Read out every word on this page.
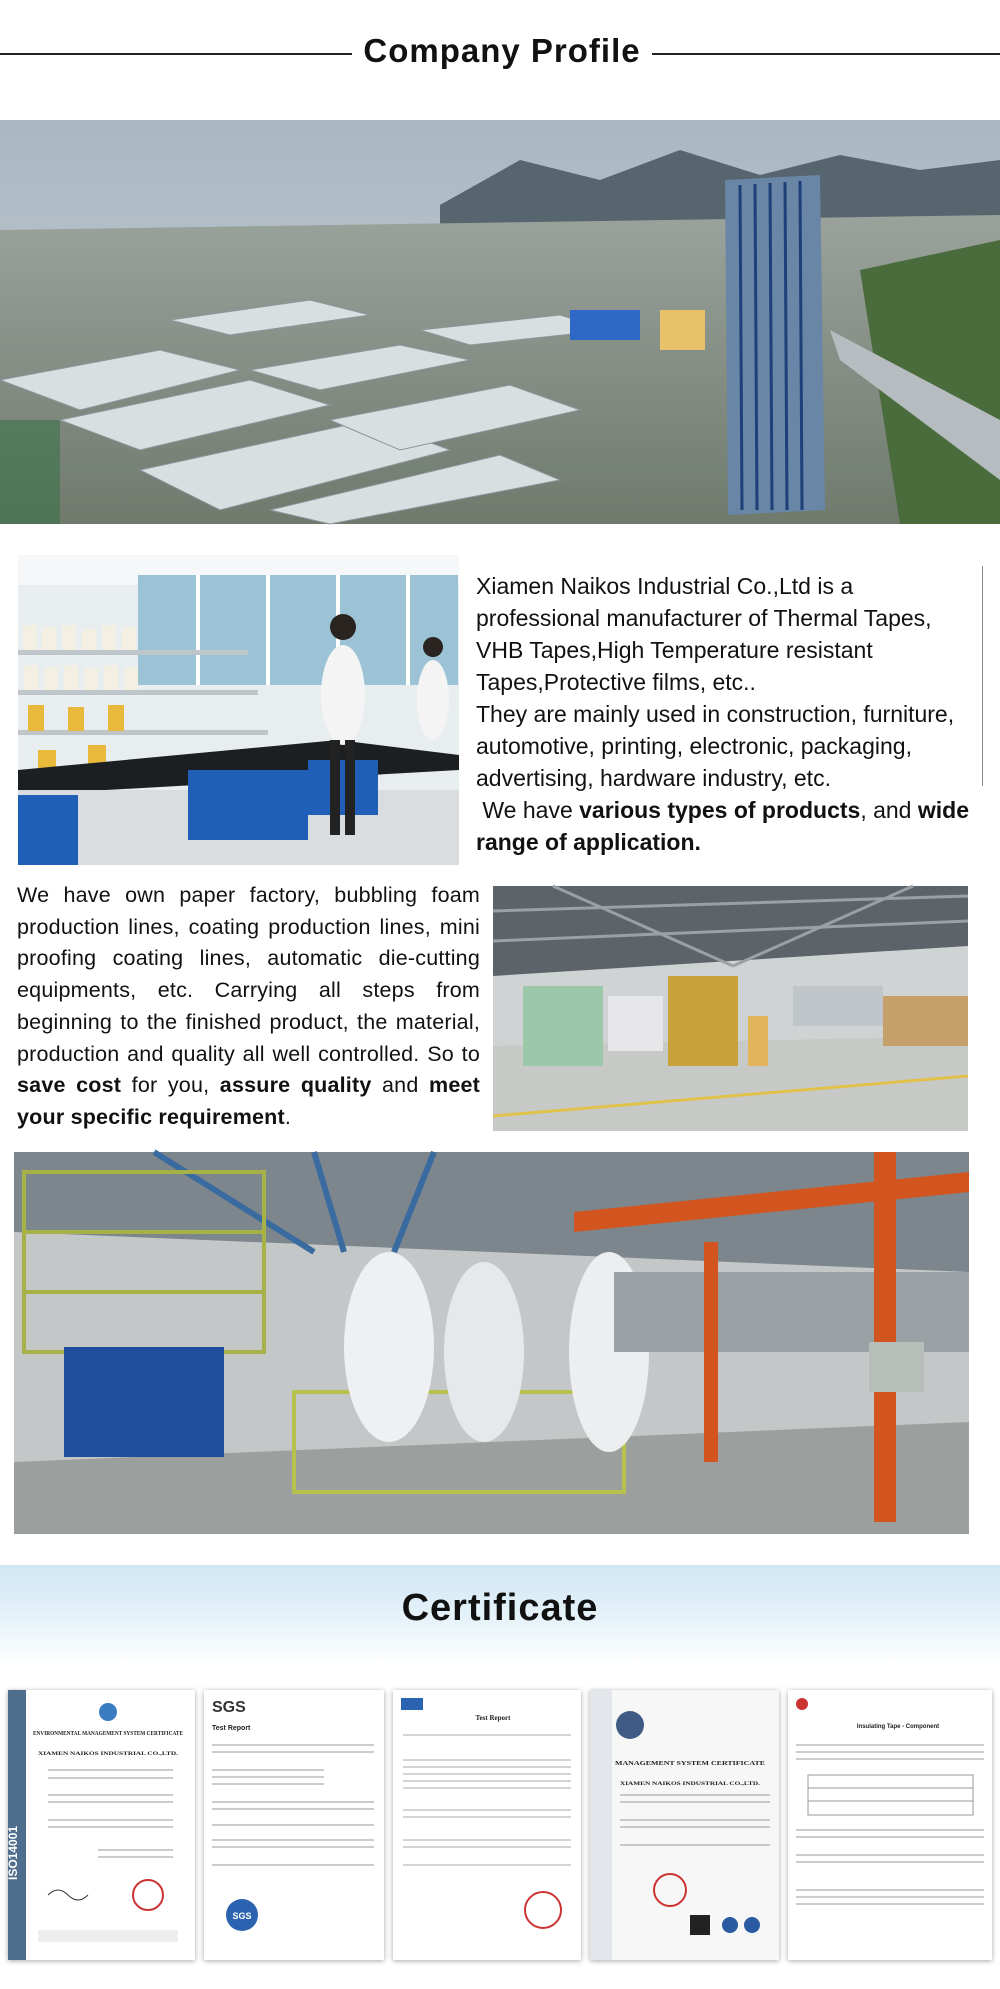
Company Profile

Xiamen Naikos Industrial Co.,Ltd is a professional manufacturer of Thermal Tapes, VHB Tapes,High Temperature resistant Tapes,Protective films, etc..

They are mainly used in construction, furniture, automotive, printing, electronic, packaging, advertising, hardware industry, etc.

We have various types of products, and wide range of application.

We have own paper factory, bubbling foam production lines, coating production lines, mini proofing coating lines, automatic die-cutting equipments, etc. Carrying all steps from beginning to the finished product, the material, production and quality all well controlled. So to save cost for you, assure quality and meet your specific requirement.
Certificate
ISO14001
ENVIRONMENTAL MANAGEMENT SYSTEM CERTIFICATE
XIAMEN NAIKOS INDUSTRIAL CO.,LTD.
SGS
Test Report
SGS
Test Report
MANAGEMENT SYSTEM CERTIFICATE
XIAMEN NAIKOS INDUSTRIAL CO.,LTD.
Insulating Tape - Component
